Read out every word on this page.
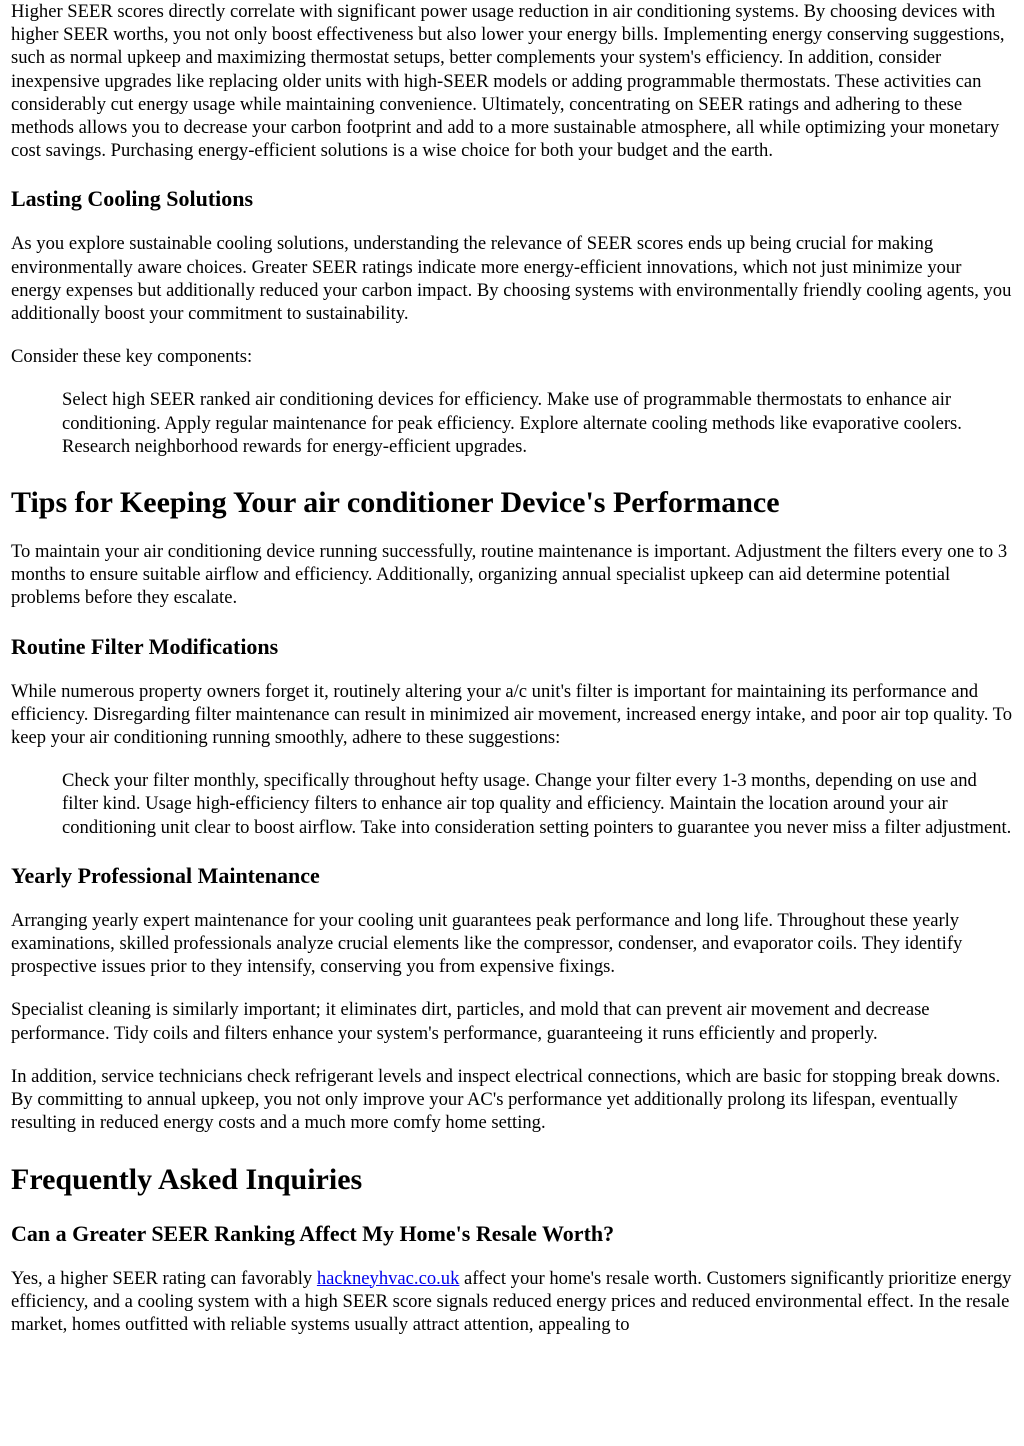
Higher SEER scores directly correlate with significant power usage reduction in air conditioning systems. By choosing devices with higher SEER worths, you not only boost effectiveness but also lower your energy bills. Implementing energy conserving suggestions, such as normal upkeep and maximizing thermostat setups, better complements your system's efficiency. In addition, consider inexpensive upgrades like replacing older units with high-SEER models or adding programmable thermostats. These activities can considerably cut energy usage while maintaining convenience. Ultimately, concentrating on SEER ratings and adhering to these methods allows you to decrease your carbon footprint and add to a more sustainable atmosphere, all while optimizing your monetary cost savings. Purchasing energy-efficient solutions is a wise choice for both your budget and the earth.

Lasting Cooling Solutions

As you explore sustainable cooling solutions, understanding the relevance of SEER scores ends up being crucial for making environmentally aware choices. Greater SEER ratings indicate more energy-efficient innovations, which not just minimize your energy expenses but additionally reduced your carbon impact. By choosing systems with environmentally friendly cooling agents, you additionally boost your commitment to sustainability.

Consider these key components:

Select high SEER ranked air conditioning devices for efficiency. Make use of programmable thermostats to enhance air conditioning. Apply regular maintenance for peak efficiency. Explore alternate cooling methods like evaporative coolers. Research neighborhood rewards for energy-efficient upgrades.
Tips for Keeping Your air conditioner Device's Performance

To maintain your air conditioning device running successfully, routine maintenance is important. Adjustment the filters every one to 3 months to ensure suitable airflow and efficiency. Additionally, organizing annual specialist upkeep can aid determine potential problems before they escalate.

Routine Filter Modifications

While numerous property owners forget it, routinely altering your a/c unit's filter is important for maintaining its performance and efficiency. Disregarding filter maintenance can result in minimized air movement, increased energy intake, and poor air top quality. To keep your air conditioning running smoothly, adhere to these suggestions:

Check your filter monthly, specifically throughout hefty usage. Change your filter every 1-3 months, depending on use and filter kind. Usage high-efficiency filters to enhance air top quality and efficiency. Maintain the location around your air conditioning unit clear to boost airflow. Take into consideration setting pointers to guarantee you never miss a filter adjustment.
Yearly Professional Maintenance

Arranging yearly expert maintenance for your cooling unit guarantees peak performance and long life. Throughout these yearly examinations, skilled professionals analyze crucial elements like the compressor, condenser, and evaporator coils. They identify prospective issues prior to they intensify, conserving you from expensive fixings.

Specialist cleaning is similarly important; it eliminates dirt, particles, and mold that can prevent air movement and decrease performance. Tidy coils and filters enhance your system's performance, guaranteeing it runs efficiently and properly.

In addition, service technicians check refrigerant levels and inspect electrical connections, which are basic for stopping break downs. By committing to annual upkeep, you not only improve your AC's performance yet additionally prolong its lifespan, eventually resulting in reduced energy costs and a much more comfy home setting.

Frequently Asked Inquiries
Can a Greater SEER Ranking Affect My Home's Resale Worth?

Yes, a higher SEER rating can favorably hackneyhvac.co.uk affect your home's resale worth. Customers significantly prioritize energy efficiency, and a cooling system with a high SEER score signals reduced energy prices and reduced environmental effect. In the resale market, homes outfitted with reliable systems usually attract attention, appealing to
